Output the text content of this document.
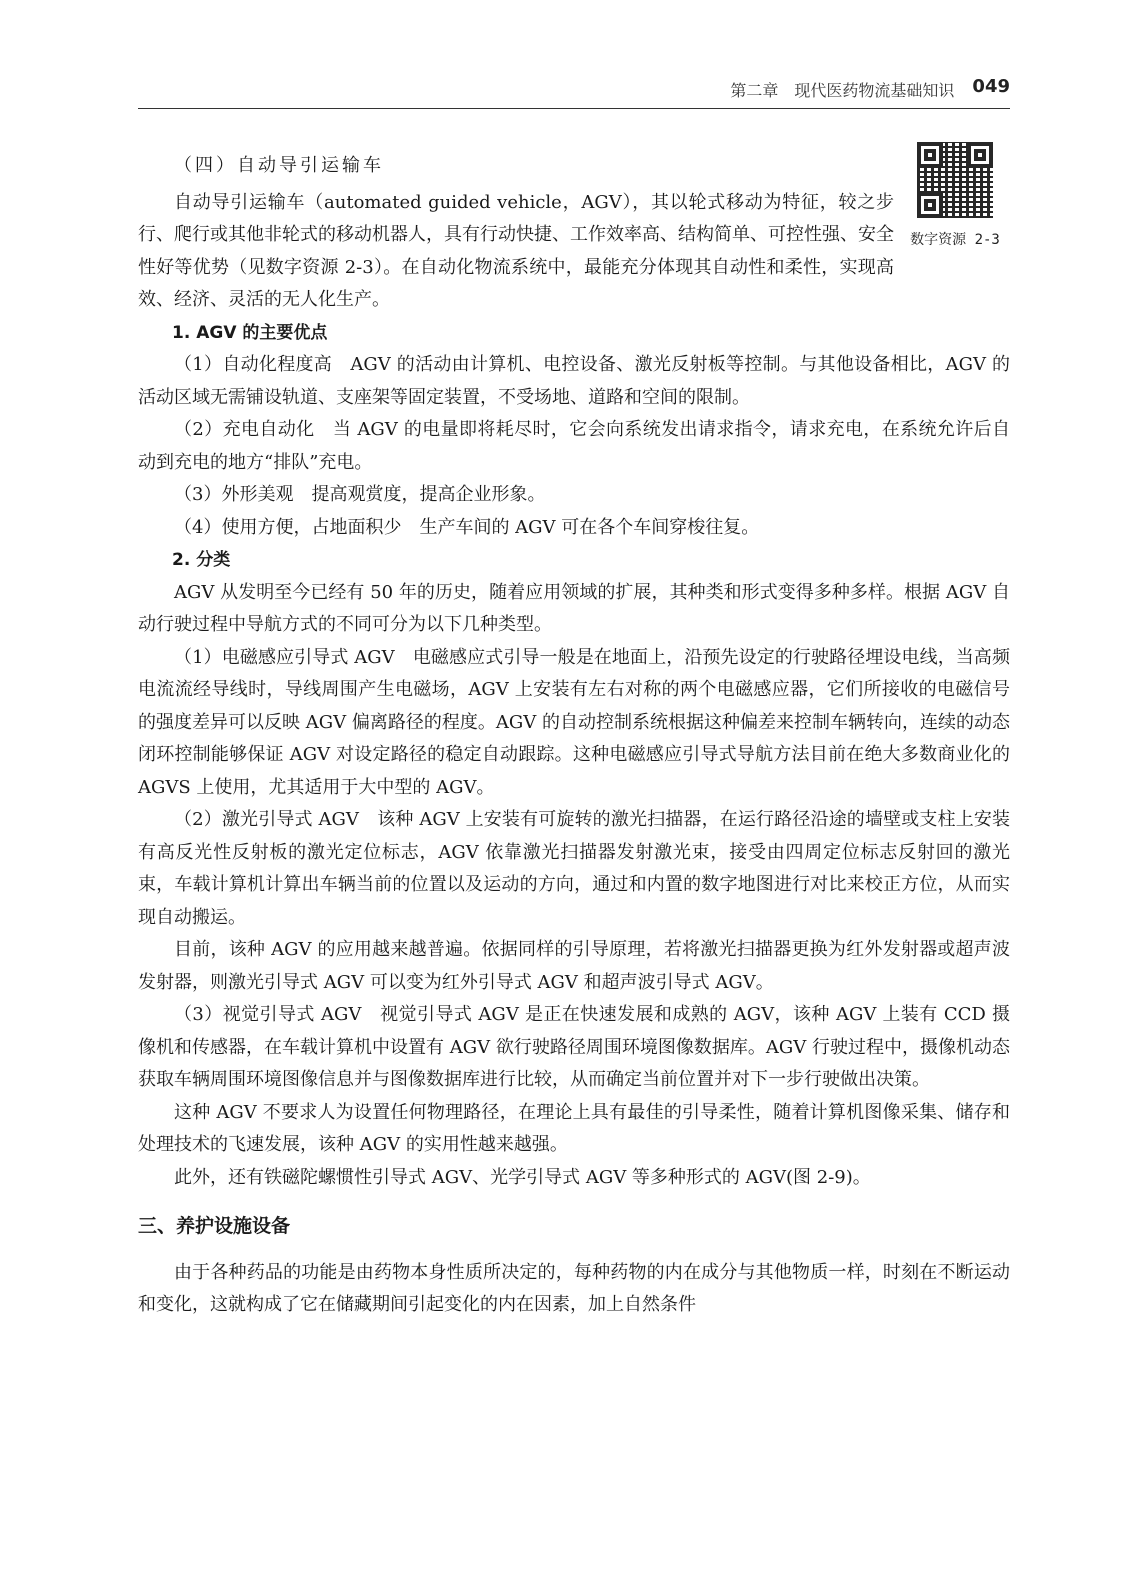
第二章　现代医药物流基础知识 049
数字资源 2-3

（四）自动导引运输车

自动导引运输车（automated guided vehicle，AGV），其以轮式移动为特征，较之步行、爬行或其他非轮式的移动机器人，具有行动快捷、工作效率高、结构简单、可控性强、安全性好等优势（见数字资源 2-3）。在自动化物流系统中，最能充分体现其自动性和柔性，实现高效、经济、灵活的无人化生产。

1. AGV 的主要优点

（1）自动化程度高　AGV 的活动由计算机、电控设备、激光反射板等控制。与其他设备相比，AGV 的活动区域无需铺设轨道、支座架等固定装置，不受场地、道路和空间的限制。

（2）充电自动化　当 AGV 的电量即将耗尽时，它会向系统发出请求指令，请求充电，在系统允许后自动到充电的地方“排队”充电。

（3）外形美观　提高观赏度，提高企业形象。

（4）使用方便，占地面积少　生产车间的 AGV 可在各个车间穿梭往复。

2. 分类

AGV 从发明至今已经有 50 年的历史，随着应用领域的扩展，其种类和形式变得多种多样。根据 AGV 自动行驶过程中导航方式的不同可分为以下几种类型。

（1）电磁感应引导式 AGV　电磁感应式引导一般是在地面上，沿预先设定的行驶路径埋设电线，当高频电流流经导线时，导线周围产生电磁场，AGV 上安装有左右对称的两个电磁感应器，它们所接收的电磁信号的强度差异可以反映 AGV 偏离路径的程度。AGV 的自动控制系统根据这种偏差来控制车辆转向，连续的动态闭环控制能够保证 AGV 对设定路径的稳定自动跟踪。这种电磁感应引导式导航方法目前在绝大多数商业化的 AGVS 上使用，尤其适用于大中型的 AGV。

（2）激光引导式 AGV　该种 AGV 上安装有可旋转的激光扫描器，在运行路径沿途的墙壁或支柱上安装有高反光性反射板的激光定位标志，AGV 依靠激光扫描器发射激光束，接受由四周定位标志反射回的激光束，车载计算机计算出车辆当前的位置以及运动的方向，通过和内置的数字地图进行对比来校正方位，从而实现自动搬运。

目前，该种 AGV 的应用越来越普遍。依据同样的引导原理，若将激光扫描器更换为红外发射器或超声波发射器，则激光引导式 AGV 可以变为红外引导式 AGV 和超声波引导式 AGV。

（3）视觉引导式 AGV　视觉引导式 AGV 是正在快速发展和成熟的 AGV，该种 AGV 上装有 CCD 摄像机和传感器，在车载计算机中设置有 AGV 欲行驶路径周围环境图像数据库。AGV 行驶过程中，摄像机动态获取车辆周围环境图像信息并与图像数据库进行比较，从而确定当前位置并对下一步行驶做出决策。

这种 AGV 不要求人为设置任何物理路径，在理论上具有最佳的引导柔性，随着计算机图像采集、储存和处理技术的飞速发展，该种 AGV 的实用性越来越强。

此外，还有铁磁陀螺惯性引导式 AGV、光学引导式 AGV 等多种形式的 AGV(图 2-9)。

三、养护设施设备

由于各种药品的功能是由药物本身性质所决定的，每种药物的内在成分与其他物质一样，时刻在不断运动和变化，这就构成了它在储藏期间引起变化的内在因素，加上自然条件
